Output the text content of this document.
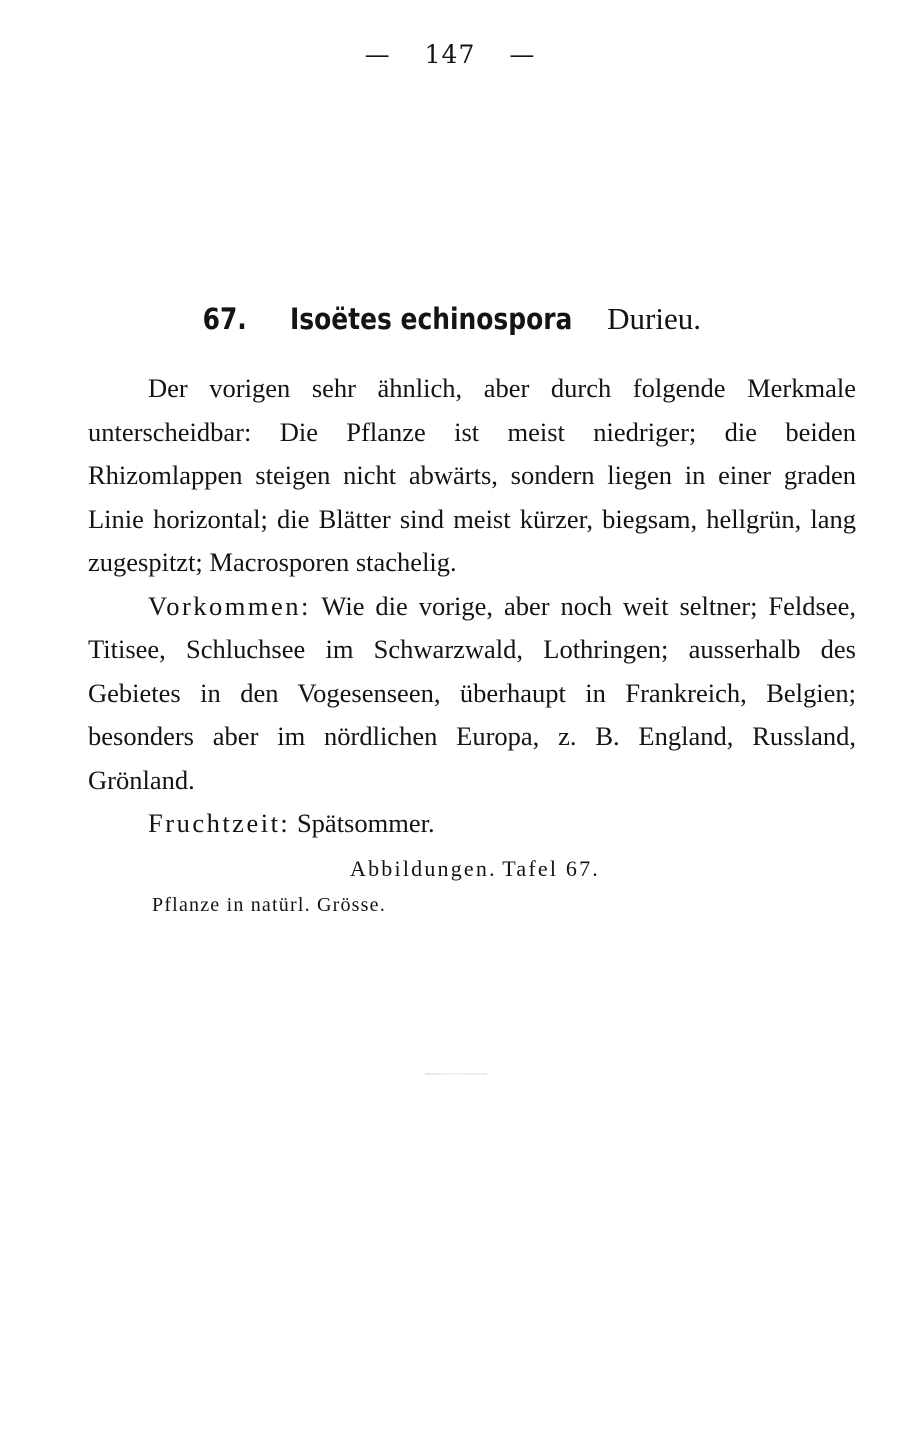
— 147 —
67. Isoëtes echinospora Durieu.

Der vorigen sehr ähnlich, aber durch folgende Merkmale unterscheidbar: Die Pflanze ist meist niedriger; die beiden Rhizomlappen steigen nicht abwärts, sondern liegen in einer graden Linie horizontal; die Blätter sind meist kürzer, biegsam, hellgrün, lang zugespitzt; Macrosporen stachelig.

Vorkommen: Wie die vorige, aber noch weit seltner; Feldsee, Titisee, Schluchsee im Schwarzwald, Lothringen; ausserhalb des Gebietes in den Vogesenseen, überhaupt in Frankreich, Belgien; besonders aber im nördlichen Europa, z. B. England, Russland, Grönland.

Fruchtzeit: Spätsommer.

Abbildungen. Tafel 67.
Pflanze in natürl. Grösse.
